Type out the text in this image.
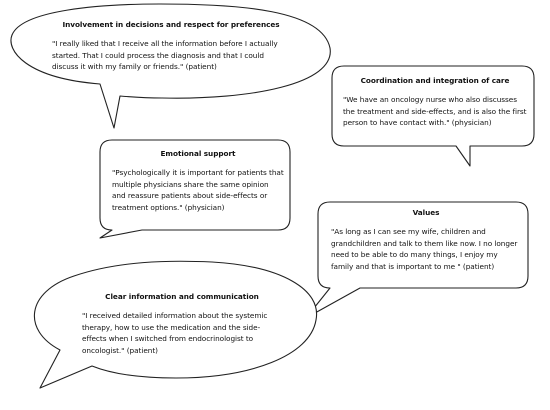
Involvement in decisions and respect for preferences

"I really liked that I receive all the information before I actually started. That I could process the diagnosis and that I could discuss it with my family or friends." (patient)

Coordination and integration of care

"We have an oncology nurse who also discusses the treatment and side-effects, and is also the first person to have contact with." (physician)

Emotional support

"Psychologically it is important for patients that multiple physicians share the same opinion and reassure patients about side-effects or treatment options." (physician)

Values

"As long as I can see my wife, children and grandchildren and talk to them like now. I no longer need to be able to do many things, I enjoy my family and that is important to me " (patient)

Clear information and communication

"I received detailed information about the systemic therapy, how to use the medication and the side-effects when I switched from endocrinologist to oncologist." (patient)
